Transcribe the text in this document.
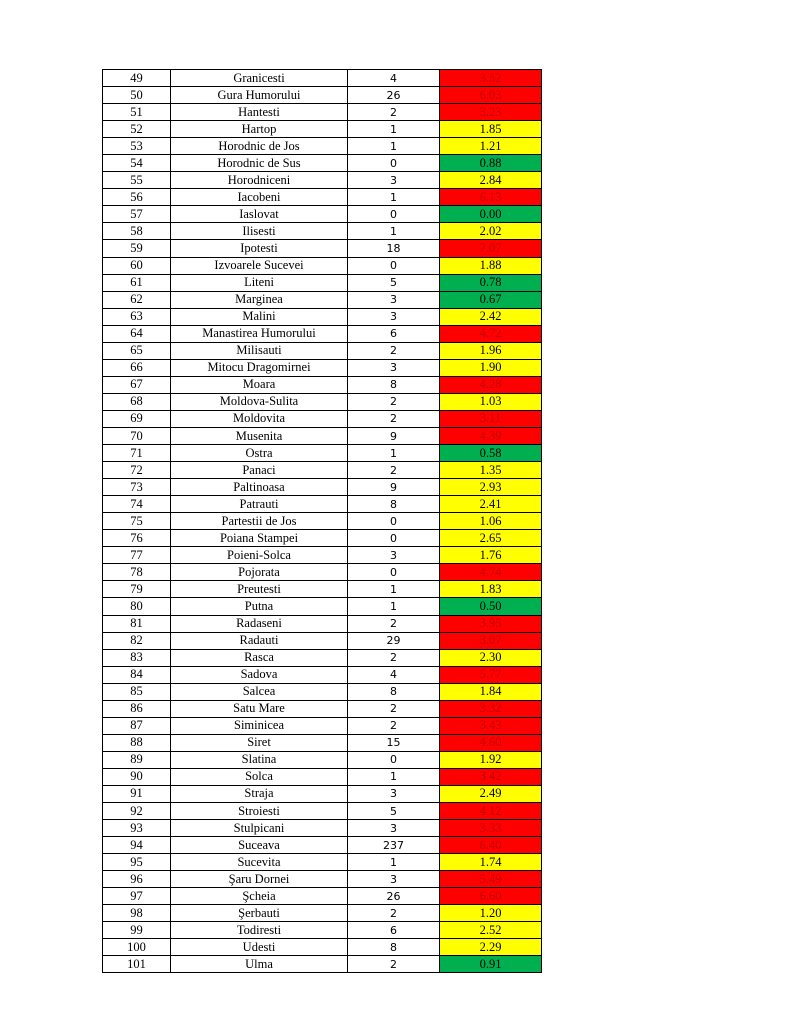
49	Granicesti	4	3.52
50	Gura Humorului	26	6.03
51	Hantesti	2	3.23
52	Hartop	1	1.85
53	Horodnic de Jos	1	1.21
54	Horodnic de Sus	0	0.88
55	Horodniceni	3	2.84
56	Iacobeni	1	6.13
57	Iaslovat	0	0.00
58	Ilisesti	1	2.02
59	Ipotesti	18	7.07
60	Izvoarele Sucevei	0	1.88
61	Liteni	5	0.78
62	Marginea	3	0.67
63	Malini	3	2.42
64	Manastirea Humorului	6	4.72
65	Milisauti	2	1.96
66	Mitocu Dragomirnei	3	1.90
67	Moara	8	4.28
68	Moldova-Sulita	2	1.03
69	Moldovita	2	3.11
70	Musenita	9	4.39
71	Ostra	1	0.58
72	Panaci	2	1.35
73	Paltinoasa	9	2.93
74	Patrauti	8	2.41
75	Partestii de Jos	0	1.06
76	Poiana Stampei	0	2.65
77	Poieni-Solca	3	1.76
78	Pojorata	0	4.74
79	Preutesti	1	1.83
80	Putna	1	0.50
81	Radaseni	2	3.95
82	Radauti	29	3.07
83	Rasca	2	2.30
84	Sadova	4	5.77
85	Salcea	8	1.84
86	Satu Mare	2	3.32
87	Siminicea	2	3.43
88	Siret	15	4.60
89	Slatina	0	1.92
90	Solca	1	3.42
91	Straja	3	2.49
92	Stroiesti	5	4.12
93	Stulpicani	3	3.33
94	Suceava	237	6.40
95	Sucevita	1	1.74
96	Şaru Dornei	3	5.49
97	Şcheia	26	6.60
98	Şerbauti	2	1.20
99	Todiresti	6	2.52
100	Udesti	8	2.29
101	Ulma	2	0.91
